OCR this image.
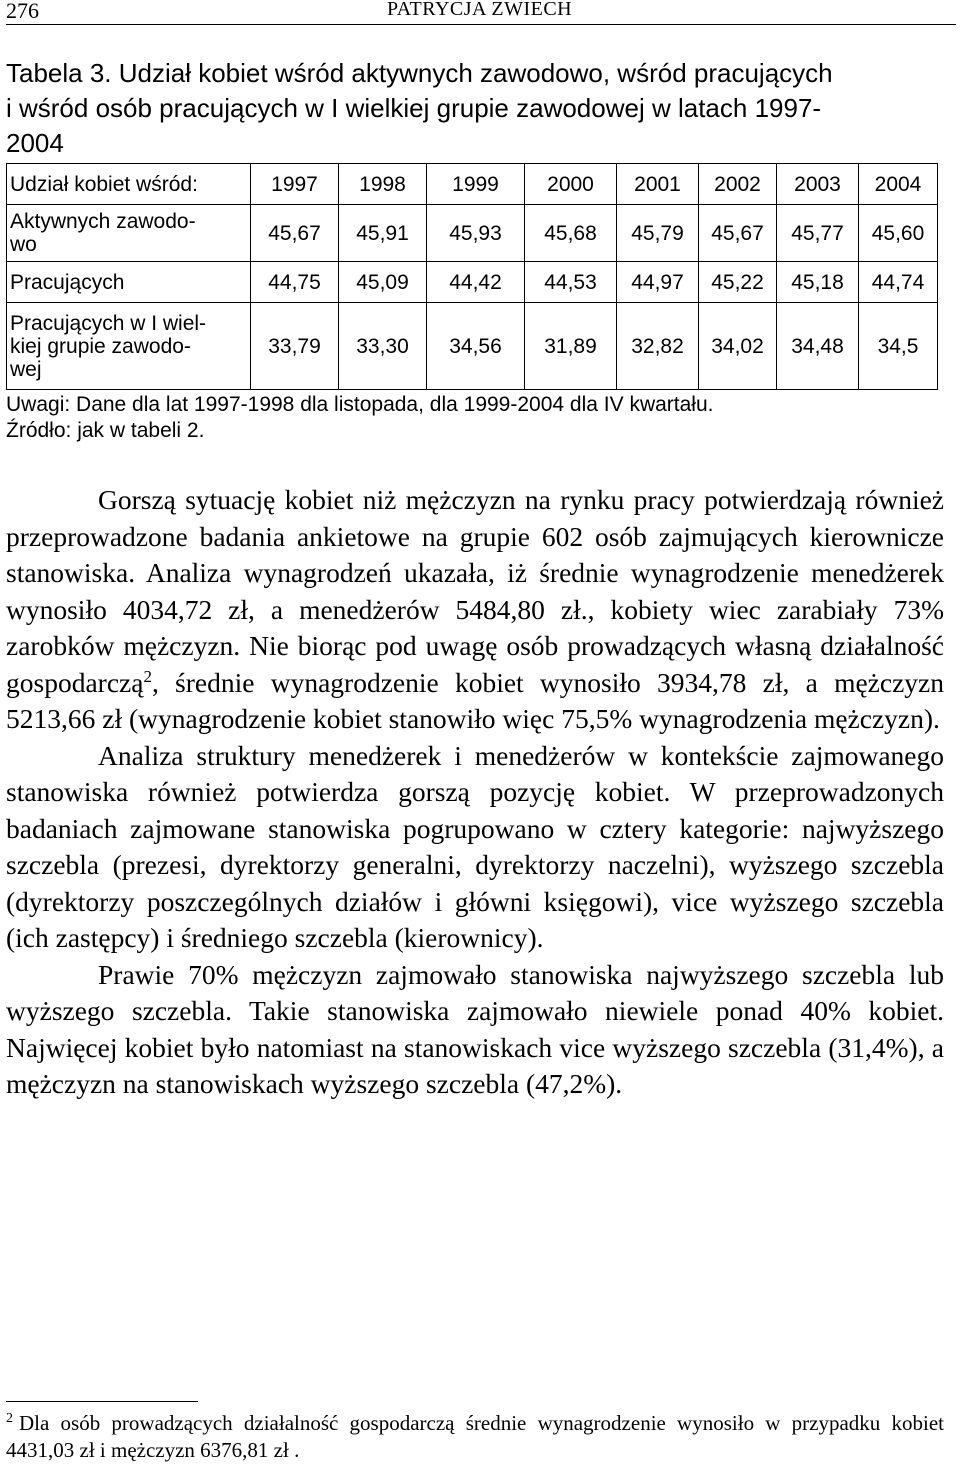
276	PATRYCJA ZWIECH
Tabela 3. Udział kobiet wśród aktywnych zawodowo, wśród pracujących
i wśród osób pracujących w I wielkiej grupie zawodowej w latach 1997-
2004
Udział kobiet wśród:	1997	1998	1999	2000	2001	2002	2003	2004

Aktywnych zawodo-
wo	45,67	45,91	45,93	45,68	45,79	45,67	45,77	45,60

Pracujących	44,75	45,09	44,42	44,53	44,97	45,22	45,18	44,74

Pracujących w I wiel-
kiej grupie zawodo-
wej	33,79	33,30	34,56	31,89	32,82	34,02	34,48	34,5
Uwagi: Dane dla lat 1997-1998 dla listopada, dla 1999-2004 dla IV kwartału.
Źródło: jak w tabeli 2.

Gorszą sytuację kobiet niż mężczyzn na rynku pracy potwierdzają również przeprowadzone badania ankietowe na grupie 602 osób zajmujących kierownicze stanowiska. Analiza wynagrodzeń ukazała, iż średnie wynagrodzenie menedżerek wynosiło 4034,72 zł, a menedżerów 5484,80 zł., kobiety wiec zarabiały 73% zarobków mężczyzn. Nie biorąc pod uwagę osób prowadzących własną działalność gospodarczą$^2$, średnie wynagrodzenie kobiet wynosiło 3934,78 zł, a mężczyzn 5213,66 zł (wynagrodzenie kobiet stanowiło więc 75,5% wynagrodzenia mężczyzn).

Analiza struktury menedżerek i menedżerów w kontekście zajmowanego stanowiska również potwierdza gorszą pozycję kobiet. W przeprowadzonych badaniach zajmowane stanowiska pogrupowano w cztery kategorie: najwyższego szczebla (prezesi, dyrektorzy generalni, dyrektorzy naczelni), wyższego szczebla (dyrektorzy poszczególnych działów i główni księgowi), vice wyższego szczebla (ich zastępcy) i średniego szczebla (kierownicy).

Prawie 70% mężczyzn zajmowało stanowiska najwyższego szczebla lub wyższego szczebla. Takie stanowiska zajmowało niewiele ponad 40% kobiet. Najwięcej kobiet było natomiast na stanowiskach vice wyższego szczebla (31,4%), a mężczyzn na stanowiskach wyższego szczebla (47,2%).

$^2$ Dla osób prowadzących działalność gospodarczą średnie wynagrodzenie wynosiło w przypadku kobiet 4431,03 zł i mężczyzn 6376,81 zł .
